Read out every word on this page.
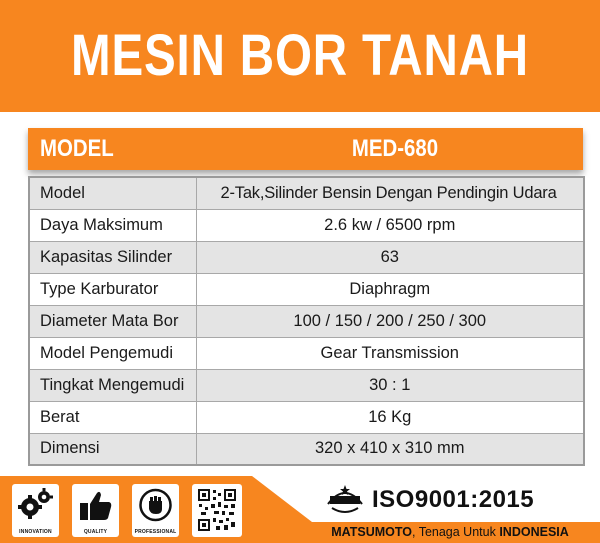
MESIN BOR TANAH
MODEL	MED-680
Model	2-Tak,Silinder Bensin Dengan Pendingin Udara
Daya Maksimum	2.6 kw / 6500 rpm
Kapasitas Silinder	63
Type Karburator	Diaphragm
Diameter Mata Bor	100 / 150 / 200 / 250 / 300
Model Pengemudi	Gear Transmission
Tingkat Mengemudi	30 : 1
Berat	16 Kg
Dimensi	320 x 410 x 310 mm
INNOVATION	QUALITY	PROFESSIONAL
ISO9001:2015
MATSUMOTO, Tenaga Untuk INDONESIA
